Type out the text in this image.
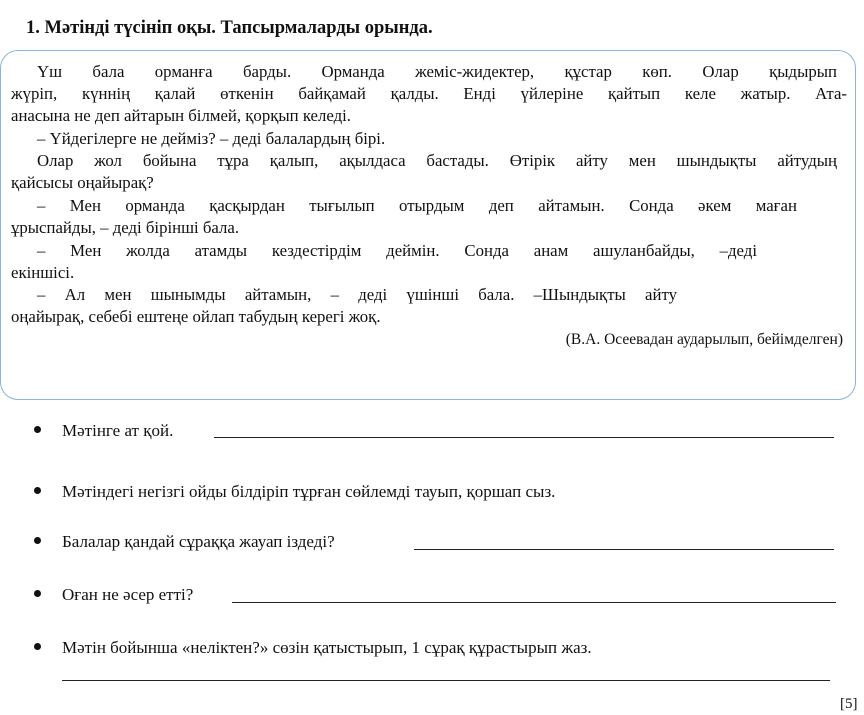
1. Мәтінді түсініп оқы. Тапсырмаларды орында.
Үш бала орманға барды. Орманда жеміс-жидектер, құстар көп. Олар қыдырып
жүріп, күннің қалай өткенін байқамай қалды. Енді үйлеріне қайтып келе жатыр. Ата-
анасына не деп айтарын білмей, қорқып келеді.
– Үйдегілерге не дейміз? – деді балалардың бірі.
Олар жол бойына тұра қалып, ақылдаса бастады. Өтірік айту мен шындықты айтудың
қайсысы оңайырақ?
– Мен орманда қасқырдан тығылып отырдым деп айтамын. Сонда әкем маған
ұрыспайды, – деді бірінші бала.
– Мен жолда атамды кездестірдім деймін. Сонда анам ашуланбайды, –деді
екіншісі.
– Ал мен шынымды айтамын, – деді үшінші бала. –Шындықты айту
оңайырақ, себебі ештеңе ойлап табудың керегі жоқ.
(В.А. Осеевадан аударылып, бейімделген)
Мәтінге ат қой.
Мәтіндегі негізгі ойды білдіріп тұрған сөйлемді тауып, қоршап сыз.
Балалар қандай сұраққа жауап іздеді?
Оған не әсер етті?
Мәтін бойынша «неліктен?» сөзін қатыстырып, 1 сұрақ құрастырып жаз.
[5]
